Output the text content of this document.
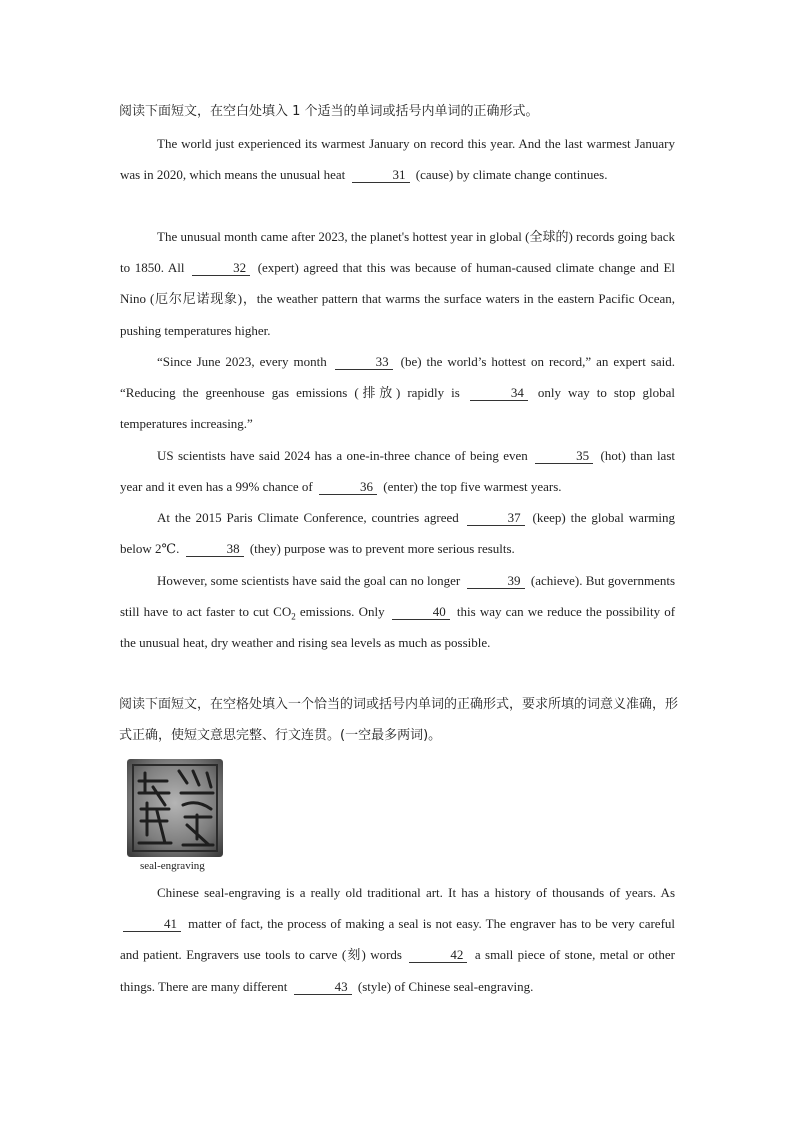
阅读下面短文，在空白处填入 1 个适当的单词或括号内单词的正确形式。

The world just experienced its warmest January on record this year. And the last warmest January was in 2020, which means the unusual heat	31 (cause) by climate change continues.

The unusual month came after 2023, the planet's hottest year in global (全球的) records going back to 1850. All	32 (expert) agreed that this was because of human-caused climate change and El Nino (厄尔尼诺现象)，the weather pattern that warms the surface waters in the eastern Pacific Ocean, pushing temperatures higher.

“Since June 2023, every month	33 (be) the world’s hottest on record,” an expert said. “Reducing the greenhouse gas emissions (排放) rapidly is	34 only way to stop global temperatures increasing.”

US scientists have said 2024 has a one-in-three chance of being even	35 (hot) than last year and it even has a 99% chance of	36 (enter) the top five warmest years.

At the 2015 Paris Climate Conference, countries agreed	37 (keep) the global warming below 2℃.	38 (they) purpose was to prevent more serious results.

However, some scientists have said the goal can no longer	39 (achieve). But governments still have to act faster to cut $CO_2$ emissions. Only	40 this way can we reduce the possibility of the unusual heat, dry weather and rising sea levels as much as possible.

阅读下面短文，在空格处填入一个恰当的词或括号内单词的正确形式，要求所填的词意义准确，形式正确，使短文意思完整、行文连贯。(一空最多两词)。
seal-engraving

Chinese seal-engraving is a really old traditional art. It has a history of thousands of years. As 41 matter of fact, the process of making a seal is not easy. The engraver has to be very careful and patient. Engravers use tools to carve (刻) words	42 a small piece of stone, metal or other things. There are many different	43 (style) of Chinese seal-engraving.
